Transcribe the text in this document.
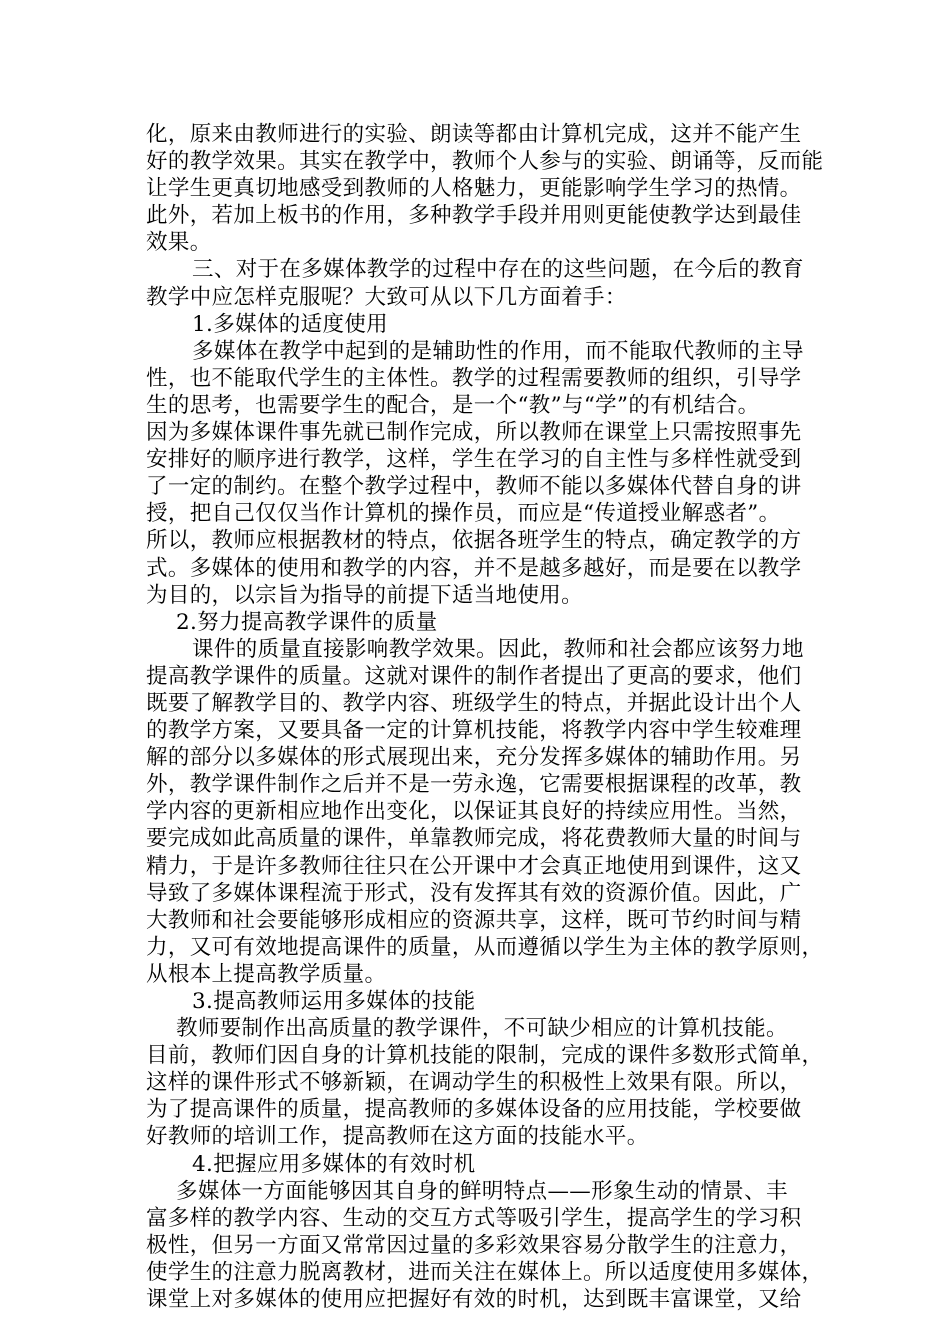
化，原来由教师进行的实验、朗读等都由计算机完成，这并不能产生
好的教学效果。其实在教学中，教师个人参与的实验、朗诵等，反而能
让学生更真切地感受到教师的人格魅力，更能影响学生学习的热情。
此外，若加上板书的作用，多种教学手段并用则更能使教学达到最佳
效果。
三、对于在多媒体教学的过程中存在的这些问题，在今后的教育
教学中应怎样克服呢？大致可从以下几方面着手：
1.多媒体的适度使用
多媒体在教学中起到的是辅助性的作用，而不能取代教师的主导
性，也不能取代学生的主体性。教学的过程需要教师的组织，引导学
生的思考，也需要学生的配合，是一个“教”与“学”的有机结合。
因为多媒体课件事先就已制作完成，所以教师在课堂上只需按照事先
安排好的顺序进行教学，这样，学生在学习的自主性与多样性就受到
了一定的制约。在整个教学过程中，教师不能以多媒体代替自身的讲
授，把自己仅仅当作计算机的操作员，而应是“传道授业解惑者”。
所以，教师应根据教材的特点，依据各班学生的特点，确定教学的方
式。多媒体的使用和教学的内容，并不是越多越好，而是要在以教学
为目的，以宗旨为指导的前提下适当地使用。
2.努力提高教学课件的质量
课件的质量直接影响教学效果。因此，教师和社会都应该努力地
提高教学课件的质量。这就对课件的制作者提出了更高的要求，他们
既要了解教学目的、教学内容、班级学生的特点，并据此设计出个人
的教学方案，又要具备一定的计算机技能，将教学内容中学生较难理
解的部分以多媒体的形式展现出来，充分发挥多媒体的辅助作用。另
外，教学课件制作之后并不是一劳永逸，它需要根据课程的改革，教
学内容的更新相应地作出变化，以保证其良好的持续应用性。当然，
要完成如此高质量的课件，单靠教师完成，将花费教师大量的时间与
精力，于是许多教师往往只在公开课中才会真正地使用到课件，这又
导致了多媒体课程流于形式，没有发挥其有效的资源价值。因此，广
大教师和社会要能够形成相应的资源共享，这样，既可节约时间与精
力，又可有效地提高课件的质量，从而遵循以学生为主体的教学原则，
从根本上提高教学质量。
3.提高教师运用多媒体的技能
教师要制作出高质量的教学课件，不可缺少相应的计算机技能。
目前，教师们因自身的计算机技能的限制，完成的课件多数形式简单，
这样的课件形式不够新颖，在调动学生的积极性上效果有限。所以，
为了提高课件的质量，提高教师的多媒体设备的应用技能，学校要做
好教师的培训工作，提高教师在这方面的技能水平。
4.把握应用多媒体的有效时机
多媒体一方面能够因其自身的鲜明特点——形象生动的情景、丰
富多样的教学内容、生动的交互方式等吸引学生，提高学生的学习积
极性，但另一方面又常常因过量的多彩效果容易分散学生的注意力，
使学生的注意力脱离教材，进而关注在媒体上。所以适度使用多媒体，
课堂上对多媒体的使用应把握好有效的时机，达到既丰富课堂，又给
